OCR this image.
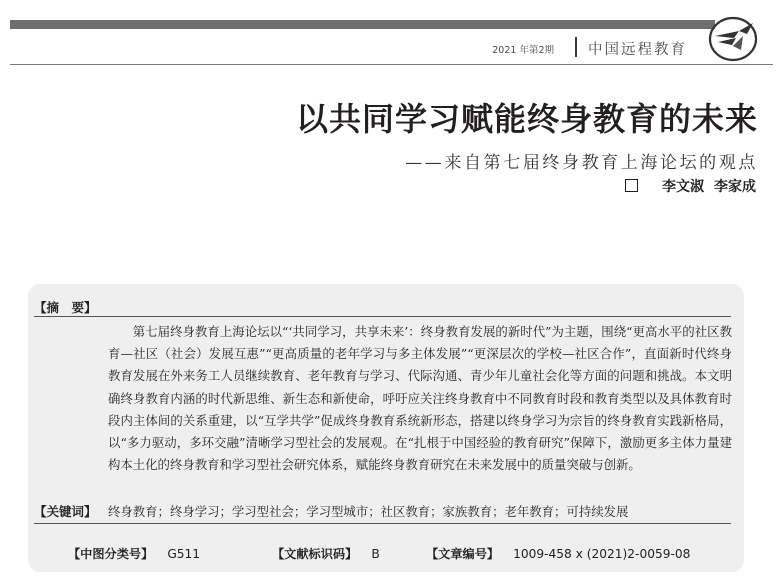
2021 年第2期 中国远程教育
以共同学习赋能终身教育的未来
——来自第七届终身教育上海论坛的观点
李文淑 李家成
【摘　要】

第七届终身教育上海论坛以“‘共同学习，共享未来’：终身教育发展的新时代”为主题，围绕“更高水平的社区教育—社区（社会）发展互惠”“更高质量的老年学习与多主体发展”“更深层次的学校—社区合作”，直面新时代终身教育发展在外来务工人员继续教育、老年教育与学习、代际沟通、青少年儿童社会化等方面的问题和挑战。本文明确终身教育内涵的时代新思维、新生态和新使命，呼吁应关注终身教育中不同教育时段和教育类型以及具体教育时段内主体间的关系重建，以“互学共学”促成终身教育系统新形态，搭建以终身学习为宗旨的终身教育实践新格局，以“多力驱动，多环交融”清晰学习型社会的发展观。在“扎根于中国经验的教育研究”保障下，激励更多主体力量建构本土化的终身教育和学习型社会研究体系，赋能终身教育研究在未来发展中的质量突破与创新。

【关键词】 终身教育；终身学习；学习型社会；学习型城市；社区教育；家族教育；老年教育；可持续发展
【中图分类号】 G511	【文献标识码】 B	【文章编号】 1009-458 x (2021)2-0059-08
